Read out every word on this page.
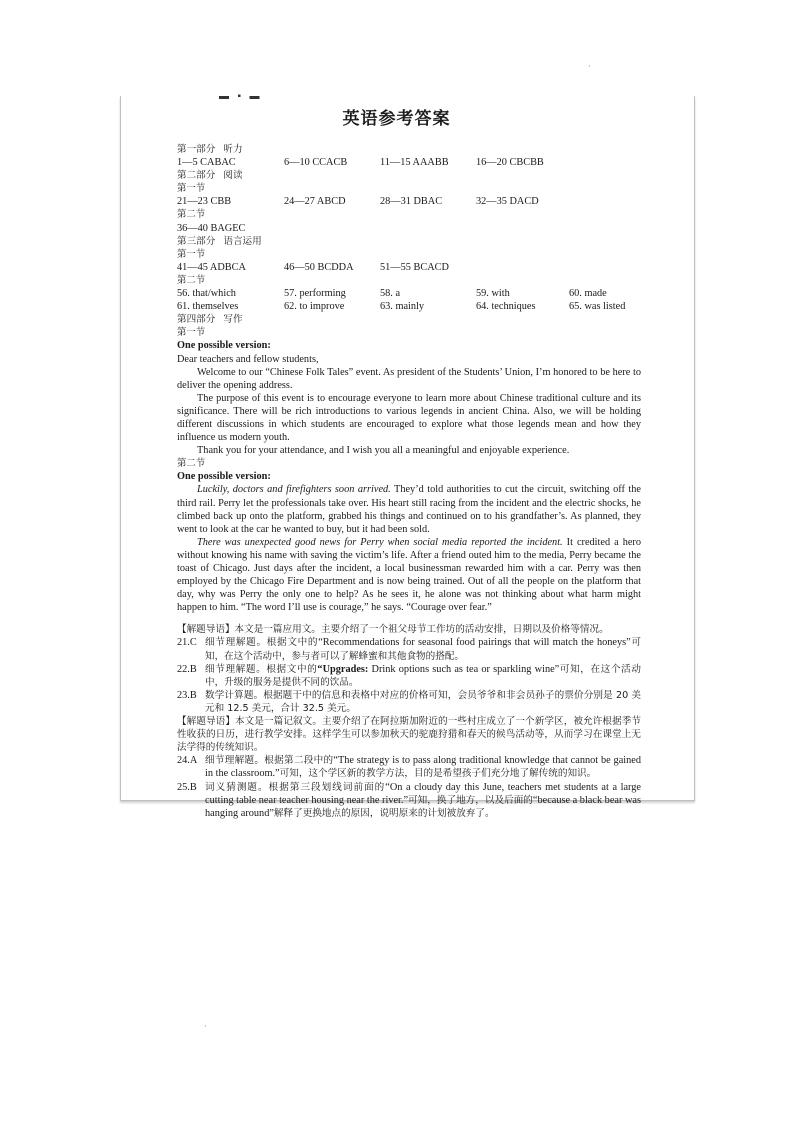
·
·
▬ ▪ ▬
英语参考答案
第一部分 听力
1—5 CABAC	6—10 CCACB	11—15 AAABB	16—20 CBCBB
第二部分 阅读
第一节
21—23 CBB	24—27 ABCD	28—31 DBAC	32—35 DACD
第二节
36—40 BAGEC
第三部分 语言运用
第一节
41—45 ADBCA	46—50 BCDDA	51—55 BCACD
第二节
56. that/which	57. performing	58. a	59. with	60. made
61. themselves	62. to improve	63. mainly	64. techniques	65. was listed
第四部分 写作
第一节
One possible version:
Dear teachers and fellow students,

Welcome to our “Chinese Folk Tales” event. As president of the Students’ Union, I’m honored to be here to deliver the opening address.

The purpose of this event is to encourage everyone to learn more about Chinese traditional culture and its significance. There will be rich introductions to various legends in ancient China. Also, we will be holding different discussions in which students are encouraged to explore what those legends mean and how they influence us modern youth.

Thank you for your attendance, and I wish you all a meaningful and enjoyable experience.

第二节
One possible version:

Luckily, doctors and firefighters soon arrived. They’d told authorities to cut the circuit, switching off the third rail. Perry let the professionals take over. His heart still racing from the incident and the electric shocks, he climbed back up onto the platform, grabbed his things and continued on to his grandfather’s. As planned, they went to look at the car he wanted to buy, but it had been sold.

There was unexpected good news for Perry when social media reported the incident. It credited a hero without knowing his name with saving the victim’s life. After a friend outed him to the media, Perry became the toast of Chicago. Just days after the incident, a local businessman rewarded him with a car. Perry was then employed by the Chicago Fire Department and is now being trained. Out of all the people on the platform that day, why was Perry the only one to help? As he sees it, he alone was not thinking about what harm might happen to him. “The word I’ll use is courage,” he says. “Courage over fear.”

【解题导语】本文是一篇应用文。主要介绍了一个祖父母节工作坊的活动安排，日期以及价格等情况。

21.C 细节理解题。根据文中的“Recommendations for seasonal food pairings that will match the honeys”可知，在这个活动中，参与者可以了解蜂蜜和其他食物的搭配。
22.B 细节理解题。根据文中的“Upgrades: Drink options such as tea or sparkling wine”可知，在这个活动中，升级的服务是提供不同的饮品。
23.B 数学计算题。根据题干中的信息和表格中对应的价格可知，会员爷爷和非会员孙子的票价分别是 20 美元和 12.5 美元，合计 32.5 美元。

【解题导语】本文是一篇记叙文。主要介绍了在阿拉斯加附近的一些村庄成立了一个新学区，被允许根据季节性收获的日历，进行教学安排。这样学生可以参加秋天的驼鹿狩猎和春天的候鸟活动等，从而学习在课堂上无法学得的传统知识。

24.A 细节理解题。根据第二段中的“The strategy is to pass along traditional knowledge that cannot be gained in the classroom.”可知，这个学区新的教学方法，目的是希望孩子们充分地了解传统的知识。
25.B 词义猜测题。根据第三段划线词前面的“On a cloudy day this June, teachers met students at a large cutting table near teacher housing near the river.”可知，换了地方，以及后面的“because a black bear was hanging around”解释了更换地点的原因，说明原来的计划被放弃了。
